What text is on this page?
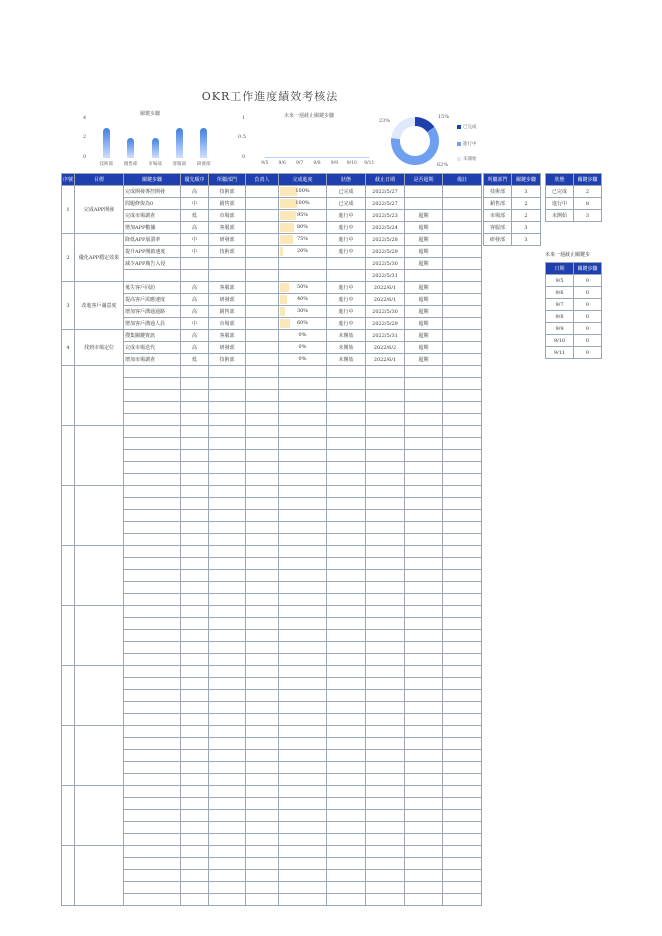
OKR工作進度績效考核法
關鍵步驟
4
2
0
技術部 銷售部 市場部 客服部 研發部
未來一週截止關鍵步驟
1
0.5
0
9/5 9/6 9/7 9/8 9/9 9/10 9/11
23%
15%
62%
已完成
進行中
未開始
序號	目標	關鍵步驟	優先順序	所屬部門	負責人	完成進度	狀態	截止日期	是否超期	備註
1	完成APP開發	完成開發導控開發	高	技術部		100%	已完成	2022/5/27		
		問題修復為0	中	銷售部		100%	已完成	2022/5/27		
		完成市場調查	低	市場部		95%	進行中	2022/5/23	超期	
		增加APP數據	高	客服部		80%	進行中	2022/5/24	超期	
2	優化APP穩定效果	降低APP崩潰率	中	研發部		75%	進行中	2022/5/28	超期	
		提升APP開啟速度	中	技術部		20%	進行中	2022/5/29	超期	
		減少APP廣告入侵						2022/5/30	超期	
								2022/5/31		
3	改進客戶滿意度	蒐失客戶回訪	高	客服部		50%	進行中	2022/6/1	超期	
		提高客戶需應速度	高	研發部		40%	進行中	2022/6/1	超期	
		增加客戶溝通通路	高	銷售部		30%	進行中	2022/5/30	超期	
		增加客戶溝通人員	中	市場部		60%	進行中	2022/5/29	超期	
4	找到市場定位	搜集關鍵資訊	高	客服部		0%	未開始	2022/5/31	超期	
		完成市場迭代	高	研發部		0%	未開始	2022/6/2	超期	
		增加市場調查	低	技術部		0%	未開始	2022/6/1	超期	

所屬部門	關鍵步驟
技術部	3
銷售部	2
市場部	2
客服部	3
研發部	3
狀態	關鍵步驟
已完成	2
進行中	8
未開始	3
未來一週截止關鍵步
日期	關鍵步驟
9/5	0
9/6	0
9/7	0
9/8	0
9/9	0
9/10	0
9/11	0
